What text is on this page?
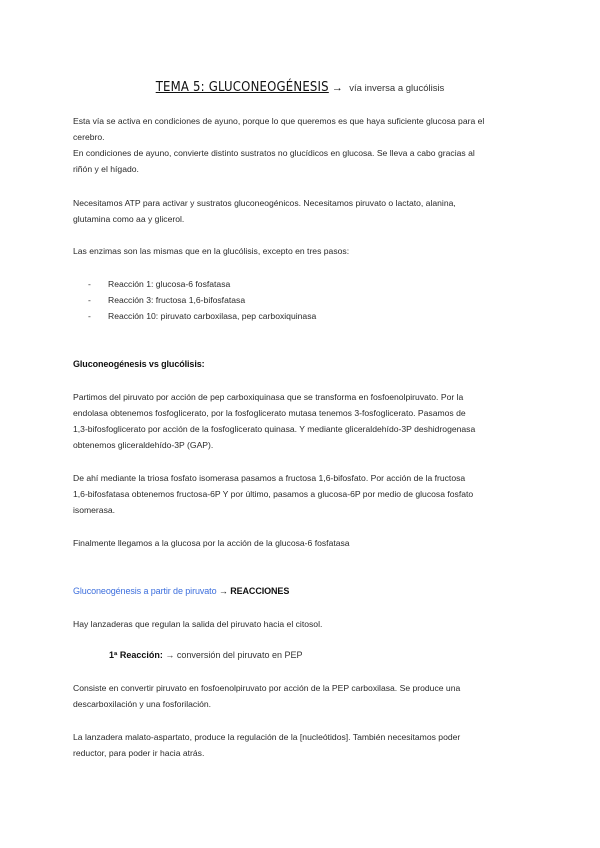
TEMA 5: GLUCONEOGÉNESIS → vía inversa a glucólisis
Esta vía se activa en condiciones de ayuno, porque lo que queremos es que haya suficiente glucosa para el
cerebro.
En condiciones de ayuno, convierte distinto sustratos no glucídicos en glucosa. Se lleva a cabo gracias al
riñón y el hígado.
Necesitamos ATP para activar y sustratos gluconeogénicos. Necesitamos piruvato o lactato, alanina,
glutamina como aa y glicerol.
Las enzimas son las mismas que en la glucólisis, excepto en tres pasos:
- Reacción 1: glucosa-6 fosfatasa
- Reacción 3: fructosa 1,6-bifosfatasa
- Reacción 10: piruvato carboxilasa, pep carboxiquinasa
Gluconeogénesis vs glucólisis:
Partimos del piruvato por acción de pep carboxiquinasa que se transforma en fosfoenolpiruvato. Por la
endolasa obtenemos fosfoglicerato, por la fosfoglicerato mutasa tenemos 3-fosfoglicerato. Pasamos de
1,3-bifosfoglicerato por acción de la fosfoglicerato quinasa. Y mediante gliceraldehído-3P deshidrogenasa
obtenemos gliceraldehído-3P (GAP).
De ahí mediante la triosa fosfato isomerasa pasamos a fructosa 1,6-bifosfato. Por acción de la fructosa
1,6-bifosfatasa obtenemos fructosa-6P Y por último, pasamos a glucosa-6P por medio de glucosa fosfato
isomerasa.
Finalmente llegamos a la glucosa por la acción de la glucosa-6 fosfatasa
Gluconeogénesis a partir de piruvato → REACCIONES
Hay lanzaderas que regulan la salida del piruvato hacia el citosol.
1ª Reacción: → conversión del piruvato en PEP
Consiste en convertir piruvato en fosfoenolpiruvato por acción de la PEP carboxilasa. Se produce una
descarboxilación y una fosforilación.
La lanzadera malato-aspartato, produce la regulación de la [nucleótidos]. También necesitamos poder
reductor, para poder ir hacia atrás.
